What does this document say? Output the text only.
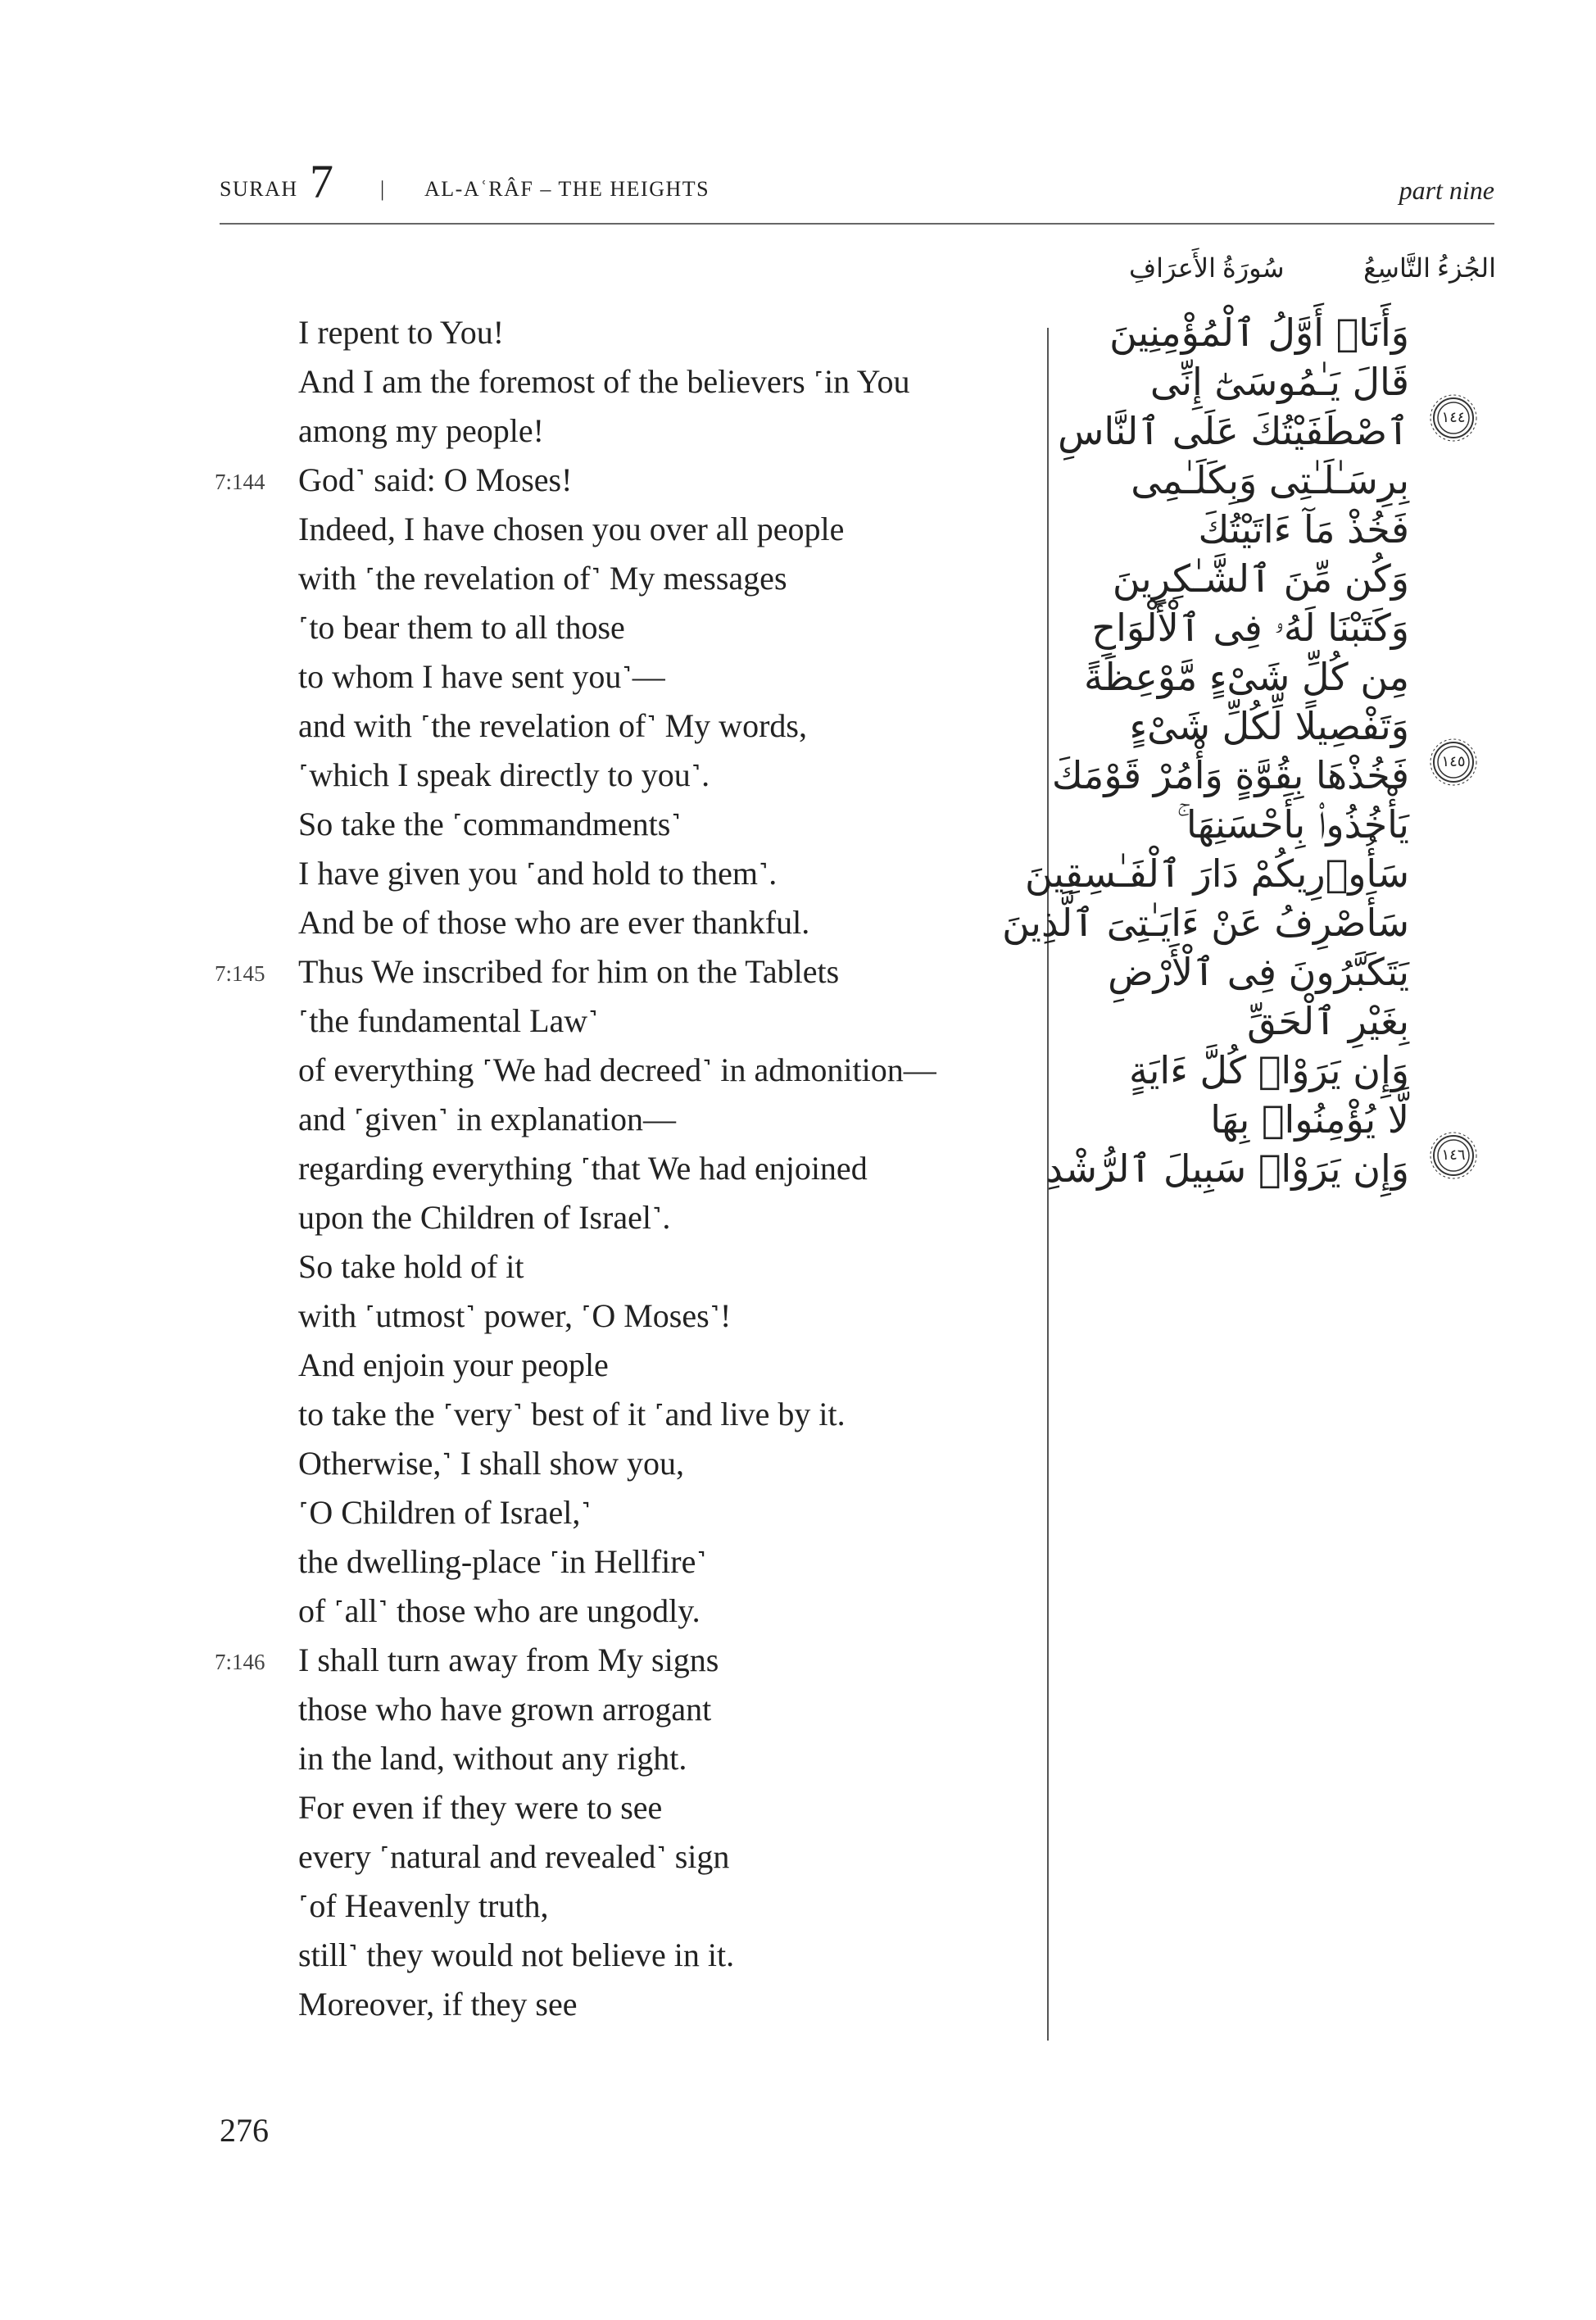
SURAH 7 | AL-AʿRÂF – THE HEIGHTS	part nine
الجُزءُ التَّاسِعُ
سُورَةُ الأَعرَافِ
I repent to You!
And I am the foremost of the believers ˹in You
among my people!
7:144 God˺ said: O Moses!
Indeed, I have chosen you over all people
with ˹the revelation of˺ My messages
˹to bear them to all those
to whom I have sent you˺—
and with ˹the revelation of˺ My words,
˹which I speak directly to you˺.
So take the ˹commandments˺
I have given you ˹and hold to them˺.
And be of those who are ever thankful.
7:145 Thus We inscribed for him on the Tablets
˹the fundamental Law˺
of everything ˹We had decreed˺ in admonition—
and ˹given˺ in explanation—
regarding everything ˹that We had enjoined
upon the Children of Israel˺.
So take hold of it
with ˹utmost˺ power, ˹O Moses˺!
And enjoin your people
to take the ˹very˺ best of it ˹and live by it.
Otherwise,˺ I shall show you,
˹O Children of Israel,˺
the dwelling-place ˹in Hellfire˺
of ˹all˺ those who are ungodly.
7:146 I shall turn away from My signs
those who have grown arrogant
in the land, without any right.
For even if they were to see
every ˹natural and revealed˺ sign
˹of Heavenly truth,
still˺ they would not believe in it.
Moreover, if they see
وَأَنَا۠ أَوَّلُ ٱلْمُؤْمِنِينَ
قَالَ يَـٰمُوسَىٰٓ إِنِّى
ٱصْطَفَيْتُكَ عَلَى ٱلنَّاسِ
بِرِسَـٰلَـٰتِى وَبِكَلَـٰمِى
فَخُذْ مَآ ءَاتَيْتُكَ
وَكُن مِّنَ ٱلشَّـٰكِرِينَ
وَكَتَبْنَا لَهُۥ فِى ٱلْأَلْوَاحِ
مِن كُلِّ شَىْءٍ مَّوْعِظَةً
وَتَفْصِيلًا لِّكُلِّ شَىْءٍ
فَخُذْهَا بِقُوَّةٍ وَأْمُرْ قَوْمَكَ
يَأْخُذُوا۟ بِأَحْسَنِهَا ۚ
سَأُو۟رِيكُمْ دَارَ ٱلْفَـٰسِقِينَ
سَأَصْرِفُ عَنْ ءَايَـٰتِىَ ٱلَّذِينَ
يَتَكَبَّرُونَ فِى ٱلْأَرْضِ
بِغَيْرِ ٱلْحَقِّ
وَإِن يَرَوْا۟ كُلَّ ءَايَةٍ
لَّا يُؤْمِنُوا۟ بِهَا
وَإِن يَرَوْا۟ سَبِيلَ ٱلرُّشْدِ
١٤٤
١٤٥
١٤٦
276
